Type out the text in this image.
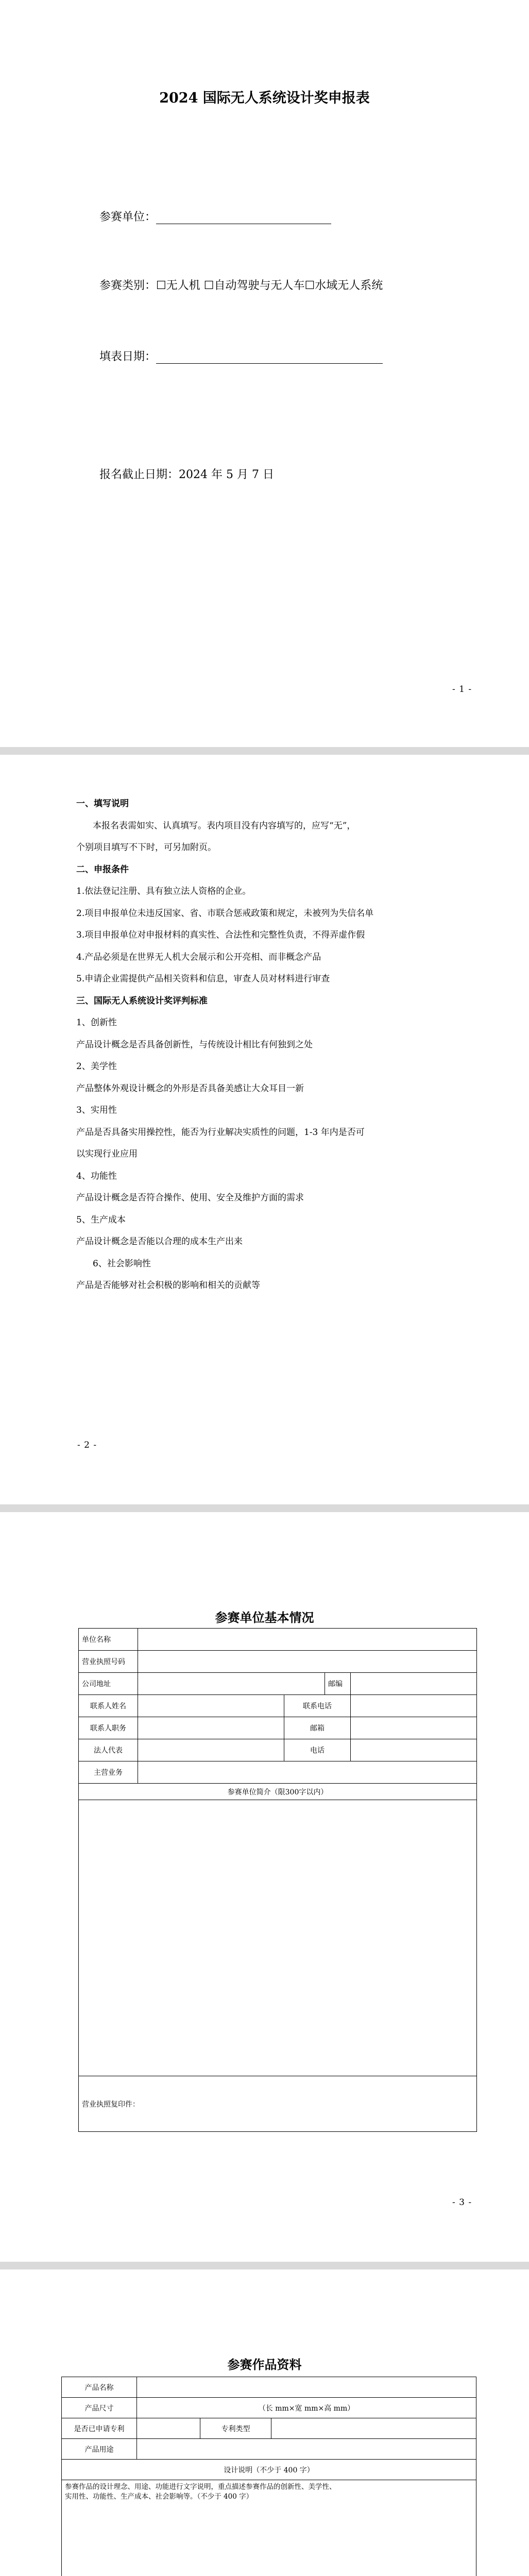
2024 国际无人系统设计奖申报表
参赛单位：
参赛类别：☐无人机 ☐自动驾驶与无人车☐水域无人系统
填表日期：
报名截止日期：2024 年 5 月 7 日
- 1 -

一、填写说明

本报名表需如实、认真填写。表内项目没有内容填写的，应写“无”，

个别项目填写不下时，可另加附页。

二、申报条件

1.依法登记注册、具有独立法人资格的企业。

2.项目申报单位未违反国家、省、市联合惩戒政策和规定，未被列为失信名单

3.项目申报单位对申报材料的真实性、合法性和完整性负责，不得弄虚作假

4.产品必须是在世界无人机大会展示和公开亮相、而非概念产品

5.申请企业需提供产品相关资料和信息，审查人员对材料进行审查

三、国际无人系统设计奖评判标准

1、创新性

产品设计概念是否具备创新性，与传统设计相比有何独到之处

2、美学性

产品整体外观设计概念的外形是否具备美感让大众耳目一新

3、实用性

产品是否具备实用操控性，能否为行业解决实质性的问题，1-3 年内是否可

以实现行业应用

4、功能性

产品设计概念是否符合操作、使用、安全及维护方面的需求

5、生产成本

产品设计概念是否能以合理的成本生产出来

6、社会影响性

产品是否能够对社会积极的影响和相关的贡献等

- 2 -
参赛单位基本情况
单位名称				
营业执照号码				
公司地址			邮编	
联系人姓名		联系电话		
联系人职务		邮箱		
法人代表		电话		
主营业务				
参赛单位简介（限300字以内）				

营业执照复印件：				
- 3 -
参赛作品资料
产品名称			
产品尺寸	（长 mm×宽 mm×高 mm）		
是否已申请专利		专利类型	
产品用途			
设计说明（不少于 400 字）			

参赛作品的设计理念、用途、功能进行文字说明，重点描述参赛作品的创新性、美学性、
实用性、功能性、生产成本、社会影响等。（不少于 400 字）			
